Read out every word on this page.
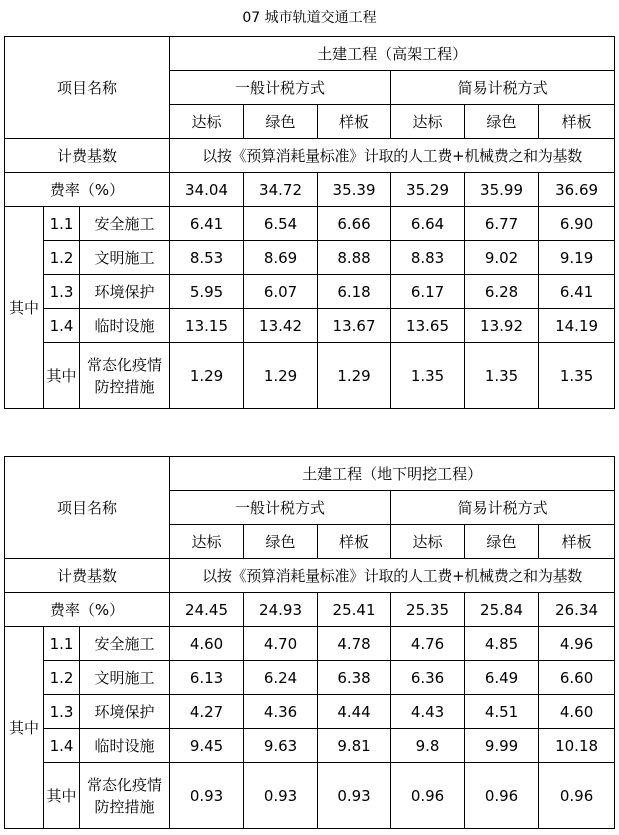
07 城市轨道交通工程
项目名称			土建工程（高架工程）					
			一般计税方式			简易计税方式		
			达标	绿色	样板	达标	绿色	样板
计费基数			以按《预算消耗量标准》计取的人工费+机械费之和为基数					
费率（%）			34.04	34.72	35.39	35.29	35.99	36.69
其中	1.1	安全施工	6.41	6.54	6.66	6.64	6.77	6.90
	1.2	文明施工	8.53	8.69	8.88	8.83	9.02	9.19
	1.3	环境保护	5.95	6.07	6.18	6.17	6.28	6.41
	1.4	临时设施	13.15	13.42	13.67	13.65	13.92	14.19
	其中	常态化疫情
防控措施	1.29	1.29	1.29	1.35	1.35	1.35
项目名称			土建工程（地下明挖工程）					
			一般计税方式			简易计税方式		
			达标	绿色	样板	达标	绿色	样板
计费基数			以按《预算消耗量标准》计取的人工费+机械费之和为基数					
费率（%）			24.45	24.93	25.41	25.35	25.84	26.34
其中	1.1	安全施工	4.60	4.70	4.78	4.76	4.85	4.96
	1.2	文明施工	6.13	6.24	6.38	6.36	6.49	6.60
	1.3	环境保护	4.27	4.36	4.44	4.43	4.51	4.60
	1.4	临时设施	9.45	9.63	9.81	9.8	9.99	10.18
	其中	常态化疫情
防控措施	0.93	0.93	0.93	0.96	0.96	0.96
